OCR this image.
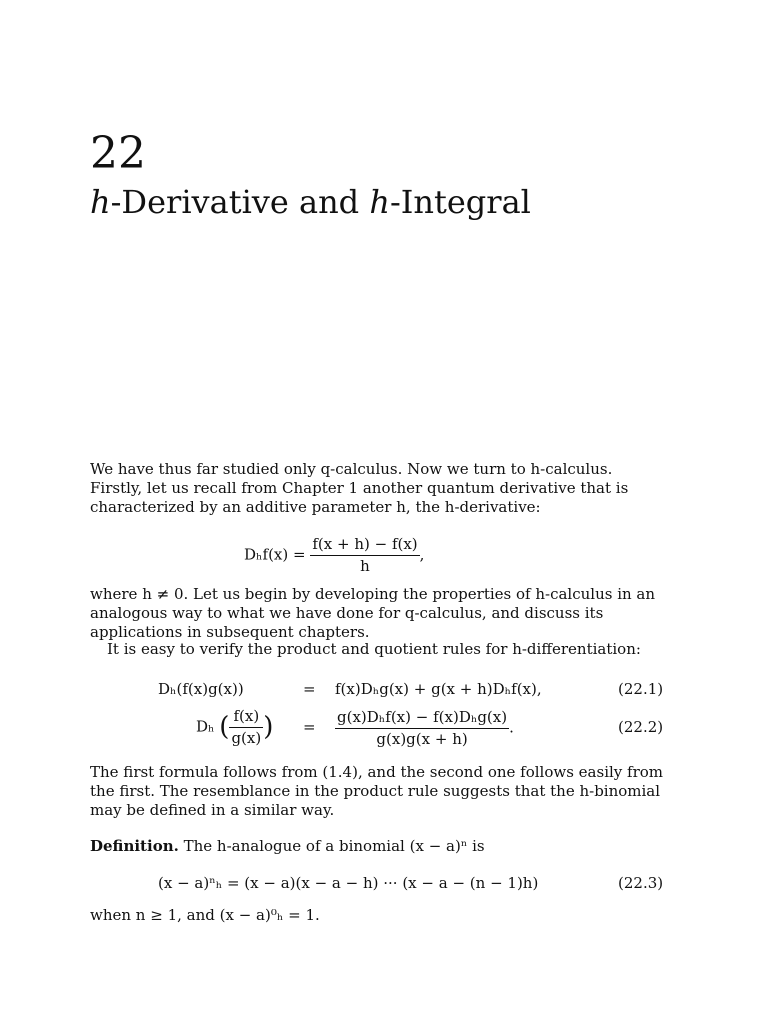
22
h-Derivative and h-Integral

We have thus far studied only q-calculus. Now we turn to h-calculus. Firstly, let us recall from Chapter 1 another quantum derivative that is characterized by an additive parameter h, the h-derivative:

$D_hf(x) = \frac{f(x + h) - f(x)}{h}$ ,

where h ≠ 0. Let us begin by developing the properties of h-calculus in an analogous way to what we have done for q-calculus, and discuss its applications in subsequent chapters.

It is easy to verify the product and quotient rules for h-differentiation:

Dₕ(f(x)g(x))	= f(x)Dₕg(x) + g(x + h)Dₕf(x),	(22.1)
Dₕ ( $\frac{f(x)}{g(x)}$ ) = $\frac{\text{g(x)Dₕf(x) − f(x)Dₕg(x)}}{g(x)g(x + h)}$ .	(22.2)

The first formula follows from (1.4), and the second one follows easily from the first. The resemblance in the product rule suggests that the h-binomial may be defined in a similar way.

Definition. The h-analogue of a binomial (x − a)ⁿ is

(x − a)ⁿₕ = (x − a)(x − a − h) ··· (x − a − (n − 1)h)	(22.3)

when n ≥ 1, and (x − a)⁰ₕ = 1.
